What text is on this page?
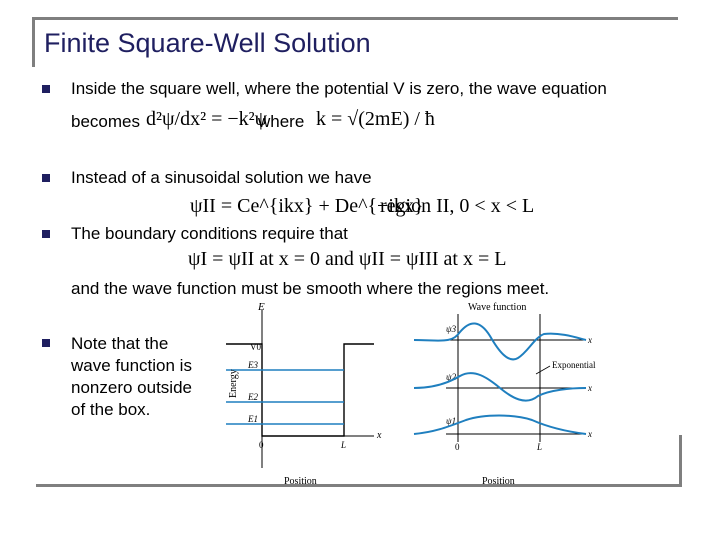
Finite Square-Well Solution
Inside the square well, where the potential V is zero, the wave equation
becomes d²ψ/dx² = −k²ψ
where k = √(2mE) / ħ
Instead of a sinusoidal solution we have
ψII = Ce^{ikx} + De^{−ikx}
region II, 0 < x < L
The boundary conditions require that
ψI = ψII at x = 0 and ψII = ψIII at x = L
and the wave function must be smooth where the regions meet.
Note that the
wave function is
nonzero outside
of the box.
E
x
V0
E3
E2
E1
Energy
0	L
Position
Wave function
x
x
x
ψ3
ψ2
ψ1
Exponential
0	L
Position
